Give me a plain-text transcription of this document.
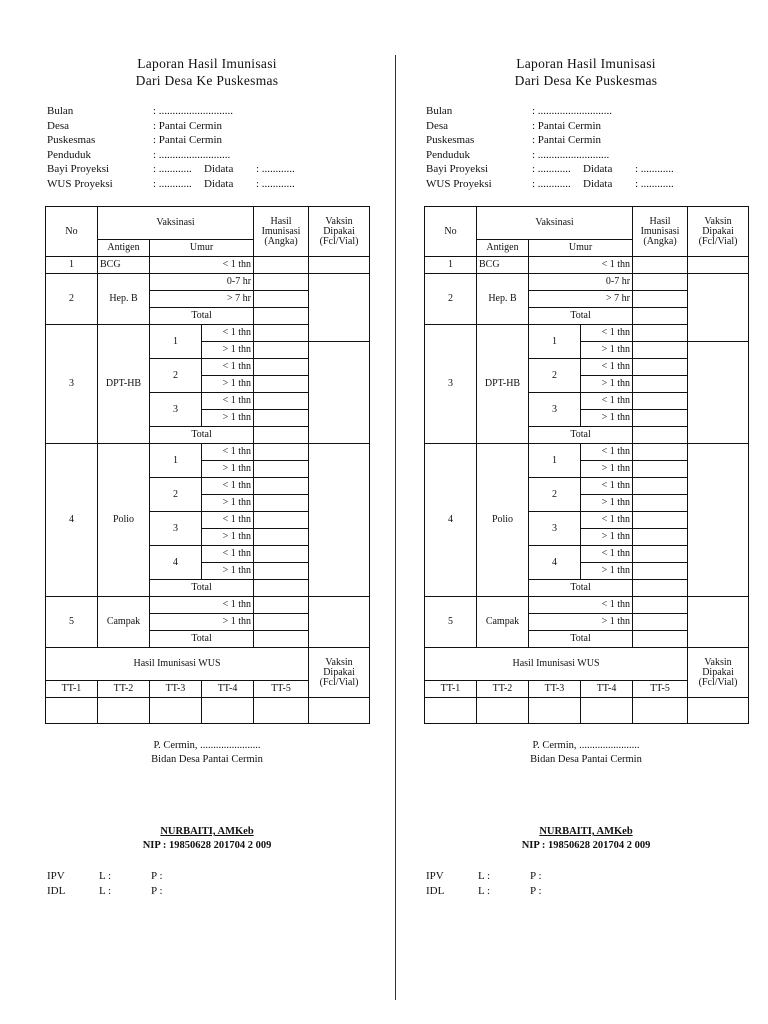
Laporan Hasil Imunisasi
Dari Desa Ke Puskesmas
Bulan	: ...........................
Desa	: Pantai Cermin
Puskesmas	: Pantai Cermin
Penduduk	: ..........................
Bayi Proyeksi	: ............ Didata : ............
WUS Proyeksi	: ............ Didata : ............
No	Vaksinasi			Hasil
Imunisasi
(Angka)	Vaksin
Dipakai
(Fcl/Vial)	
	Antigen	Umur				
1	BCG	< 1 thn				
2	Hep. B	0-7 hr				
		> 7 hr				
		Total				
3	DPT-HB	1	< 1 thn			
			> 1 thn			
		2	< 1 thn			
			> 1 thn			
		3	< 1 thn			
			> 1 thn			
		Total				
4	Polio	1	< 1 thn			
			> 1 thn			
		2	< 1 thn			
			> 1 thn			
		3	< 1 thn			
			> 1 thn			
		4	< 1 thn			
			> 1 thn			
		Total				
5	Campak	< 1 thn				
		> 1 thn				
		Total				
Hasil Imunisasi WUS					Vaksin
Dipakai
(Fcl/Vial)	
TT-1	TT-2	TT-3	TT-4	TT-5		

P. Cermin, .......................
Bidan Desa Pantai Cermin
NURBAITI, AMKeb
NIP : 19850628 201704 2 009
IPV	L :	P :
IDL	L :	P :
Laporan Hasil Imunisasi
Dari Desa Ke Puskesmas
Bulan	: ...........................
Desa	: Pantai Cermin
Puskesmas	: Pantai Cermin
Penduduk	: ..........................
Bayi Proyeksi	: ............ Didata : ............
WUS Proyeksi	: ............ Didata : ............
No	Vaksinasi			Hasil
Imunisasi
(Angka)	Vaksin
Dipakai
(Fcl/Vial)	
	Antigen	Umur				
1	BCG	< 1 thn				
2	Hep. B	0-7 hr				
		> 7 hr				
		Total				
3	DPT-HB	1	< 1 thn			
			> 1 thn			
		2	< 1 thn			
			> 1 thn			
		3	< 1 thn			
			> 1 thn			
		Total				
4	Polio	1	< 1 thn			
			> 1 thn			
		2	< 1 thn			
			> 1 thn			
		3	< 1 thn			
			> 1 thn			
		4	< 1 thn			
			> 1 thn			
		Total				
5	Campak	< 1 thn				
		> 1 thn				
		Total				
Hasil Imunisasi WUS					Vaksin
Dipakai
(Fcl/Vial)	
TT-1	TT-2	TT-3	TT-4	TT-5		

P. Cermin, .......................
Bidan Desa Pantai Cermin
NURBAITI, AMKeb
NIP : 19850628 201704 2 009
IPV	L :	P :
IDL	L :	P :
